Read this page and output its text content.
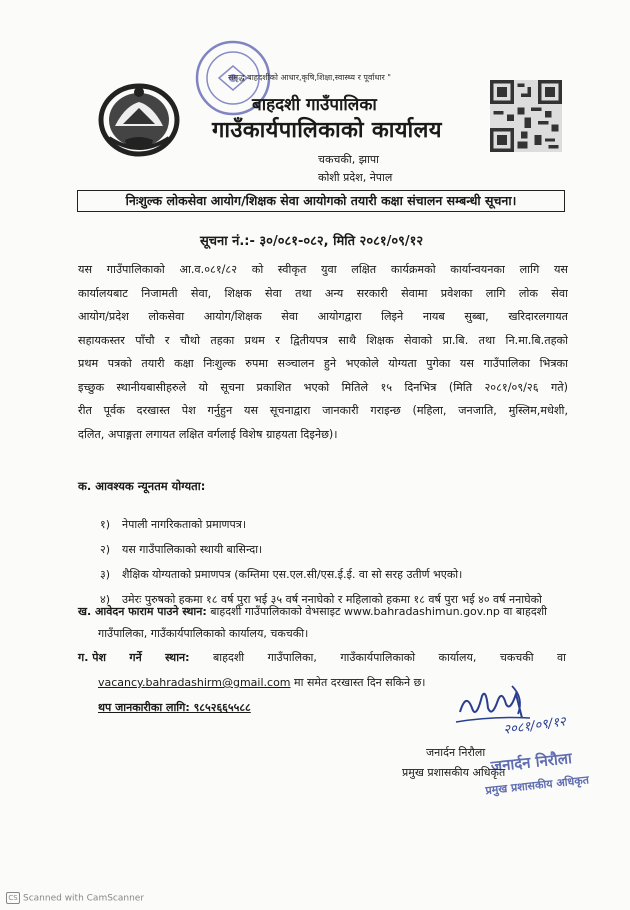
समृद्ध बाहदशीको आधार,कृषि,शिक्षा,स्वास्थ्य र पूर्वाधार "
बाहदशी गाउँपालिका
गाउँकार्यपालिकाको कार्यालय
चकचकी, झापा
कोशी प्रदेश, नेपाल
निःशुल्क लोकसेवा आयोग/शिक्षक सेवा आयोगको तयारी कक्षा संचालन सम्बन्धी सूचना।
सूचना नं.:- ३०/०८१-०८२, मिति २०८१/०९/१२
यस गाउँपालिकाको आ.व.०८१/८२ को स्वीकृत युवा लक्षित कार्यक्रमको कार्यान्वयनका लागि यस
कार्यालयबाट निजामती सेवा, शिक्षक सेवा तथा अन्य सरकारी सेवामा प्रवेशका लागि लोक सेवा
आयोग/प्रदेश लोकसेवा आयोग/शिक्षक सेवा आयोगद्वारा लिइने नायब सुब्बा, खरिदारलगायत
सहायकस्तर पाँचौ र चौथो तहका प्रथम र द्वितीयपत्र साथै शिक्षक सेवाको प्रा.बि. तथा नि.मा.बि.तहको
प्रथम पत्रको तयारी कक्षा निःशुल्क रुपमा सञ्चालन हुने भएकोले योग्यता पुगेका यस गाउँपालिका भित्रका
इच्छुक स्थानीयबासीहरुले यो सूचना प्रकाशित भएको मितिले १५ दिनभित्र (मिति २०८१/०९/२६ गते)
रीत पूर्वक दरखास्त पेश गर्नुहुन यस सूचनाद्वारा जानकारी गराइन्छ (महिला, जनजाति, मुस्लिम,मधेशी,
दलित, अपाङ्गता लगायत लक्षित वर्गलाई विशेष ग्राहयता दिइनेछ)।
क. आवश्यक न्यूनतम योग्यता:
१) नेपाली नागरिकताको प्रमाणपत्र।
२) यस गाउँपालिकाको स्थायी बासिन्दा।
३) शैक्षिक योग्यताको प्रमाणपत्र (कम्तिमा एस.एल.सी/एस.ई.ई. वा सो सरह उतीर्ण भएको।
४) उमेरः पुरुषको हकमा १८ वर्ष पुरा भई ३५ वर्ष ननाघेको र महिलाको हकमा १८ वर्ष पुरा भई ४० वर्ष ननाघेको
ख. आवेदन फाराम पाउने स्थान: बाहदशी गाउँपालिकाको वेभसाइट www.bahradashimun.gov.np वा बाहदशी
गाउँपालिका, गाउँकार्यपालिकाको कार्यालय, चकचकी।
ग. पेश गर्ने स्थान: बाहदशी गाउँपालिका, गाउँकार्यपालिकाको कार्यालय, चकचकी वा
vacancy.bahradashirm@gmail.com मा समेत दरखास्त दिन सकिने छ।
थप जानकारीका लागि: ९८५२६६५५८८
२०८१/०९/१२
जनार्दन निरौला
प्रमुख प्रशासकीय अधिकृत
जनार्दन निरौला
प्रमुख प्रशासकीय अधिकृत
CS Scanned with CamScanner
